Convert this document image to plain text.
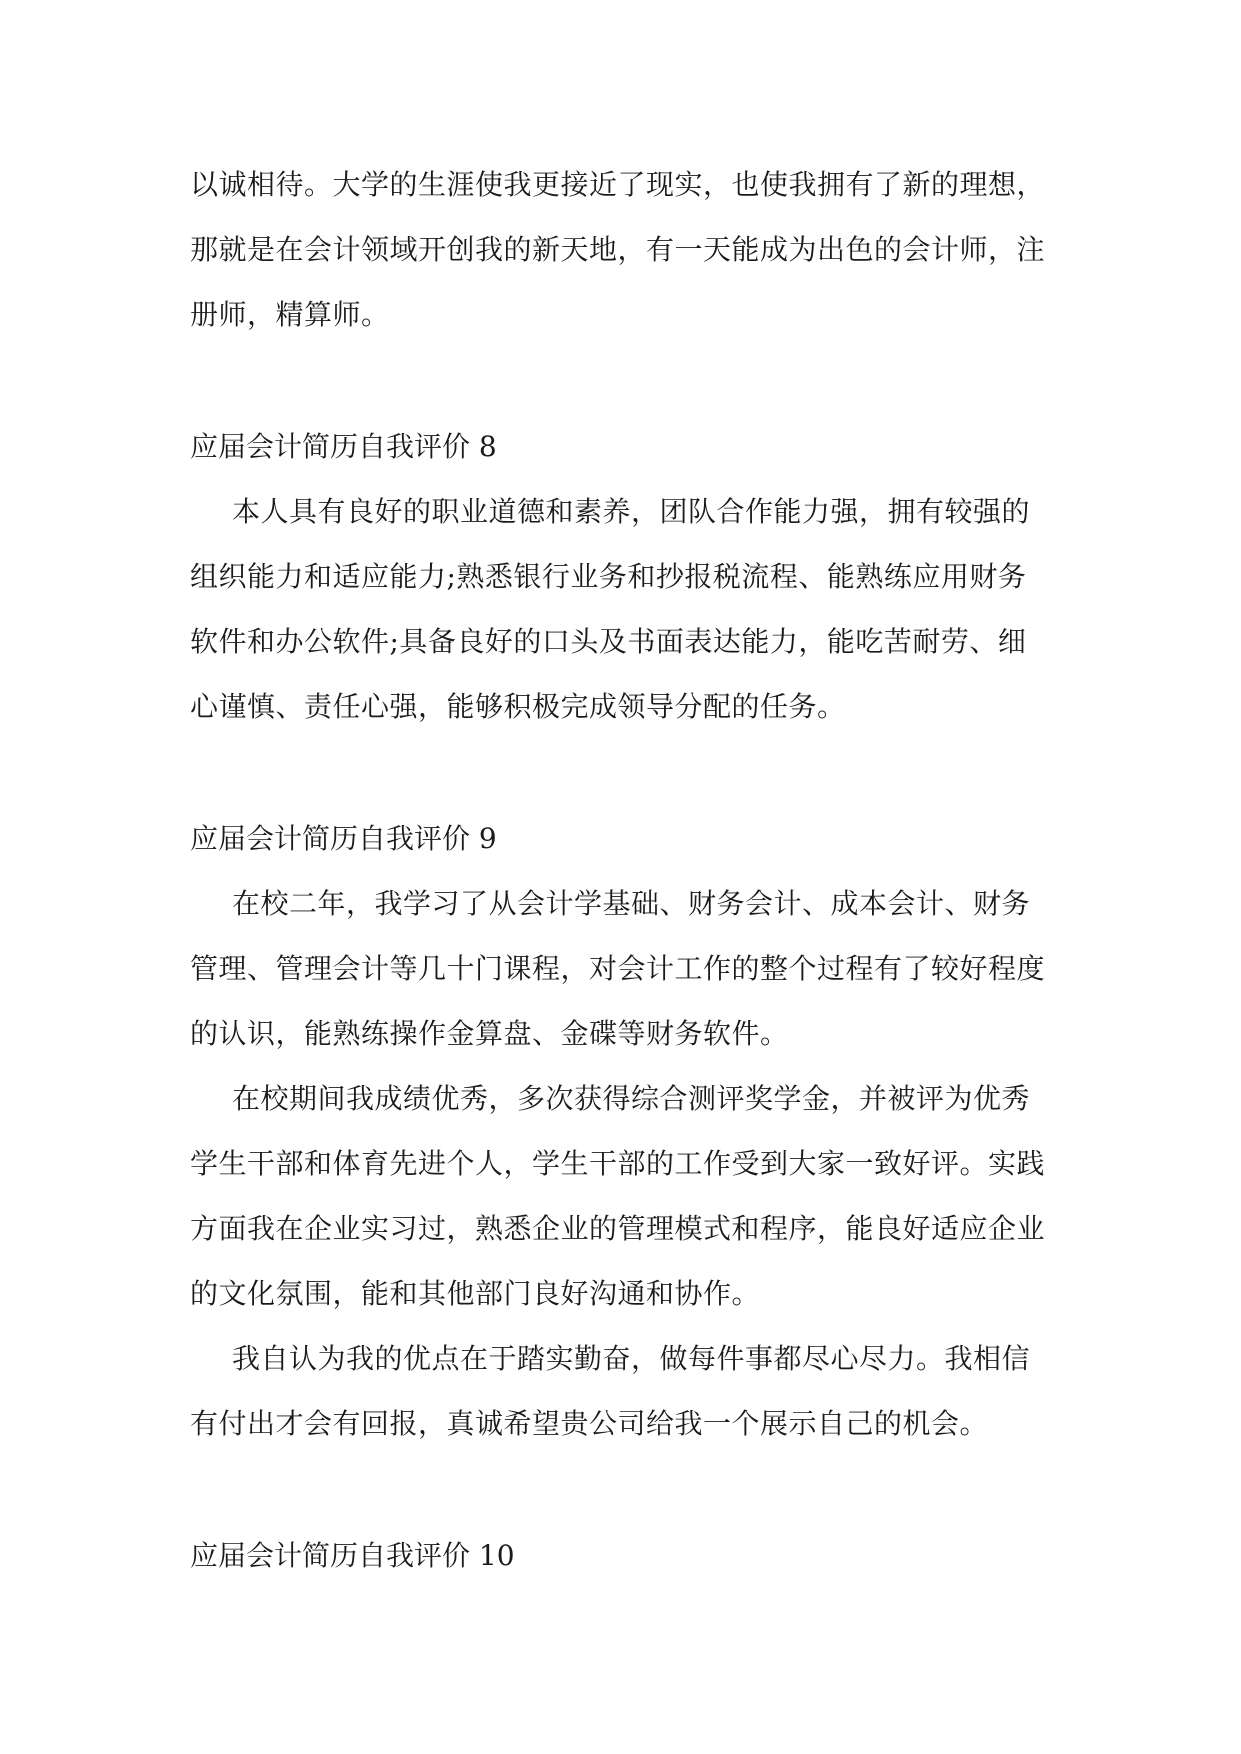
以诚相待。大学的生涯使我更接近了现实，也使我拥有了新的理想，
那就是在会计领域开创我的新天地，有一天能成为出色的会计师，注
册师，精算师。
应届会计简历自我评价 8
本人具有良好的职业道德和素养，团队合作能力强，拥有较强的
组织能力和适应能力;熟悉银行业务和抄报税流程、能熟练应用财务
软件和办公软件;具备良好的口头及书面表达能力，能吃苦耐劳、细
心谨慎、责任心强，能够积极完成领导分配的任务。
应届会计简历自我评价 9
在校二年，我学习了从会计学基础、财务会计、成本会计、财务
管理、管理会计等几十门课程，对会计工作的整个过程有了较好程度
的认识，能熟练操作金算盘、金碟等财务软件。
在校期间我成绩优秀，多次获得综合测评奖学金，并被评为优秀
学生干部和体育先进个人，学生干部的工作受到大家一致好评。实践
方面我在企业实习过，熟悉企业的管理模式和程序，能良好适应企业
的文化氛围，能和其他部门良好沟通和协作。
我自认为我的优点在于踏实勤奋，做每件事都尽心尽力。我相信
有付出才会有回报，真诚希望贵公司给我一个展示自己的机会。
应届会计简历自我评价 10
